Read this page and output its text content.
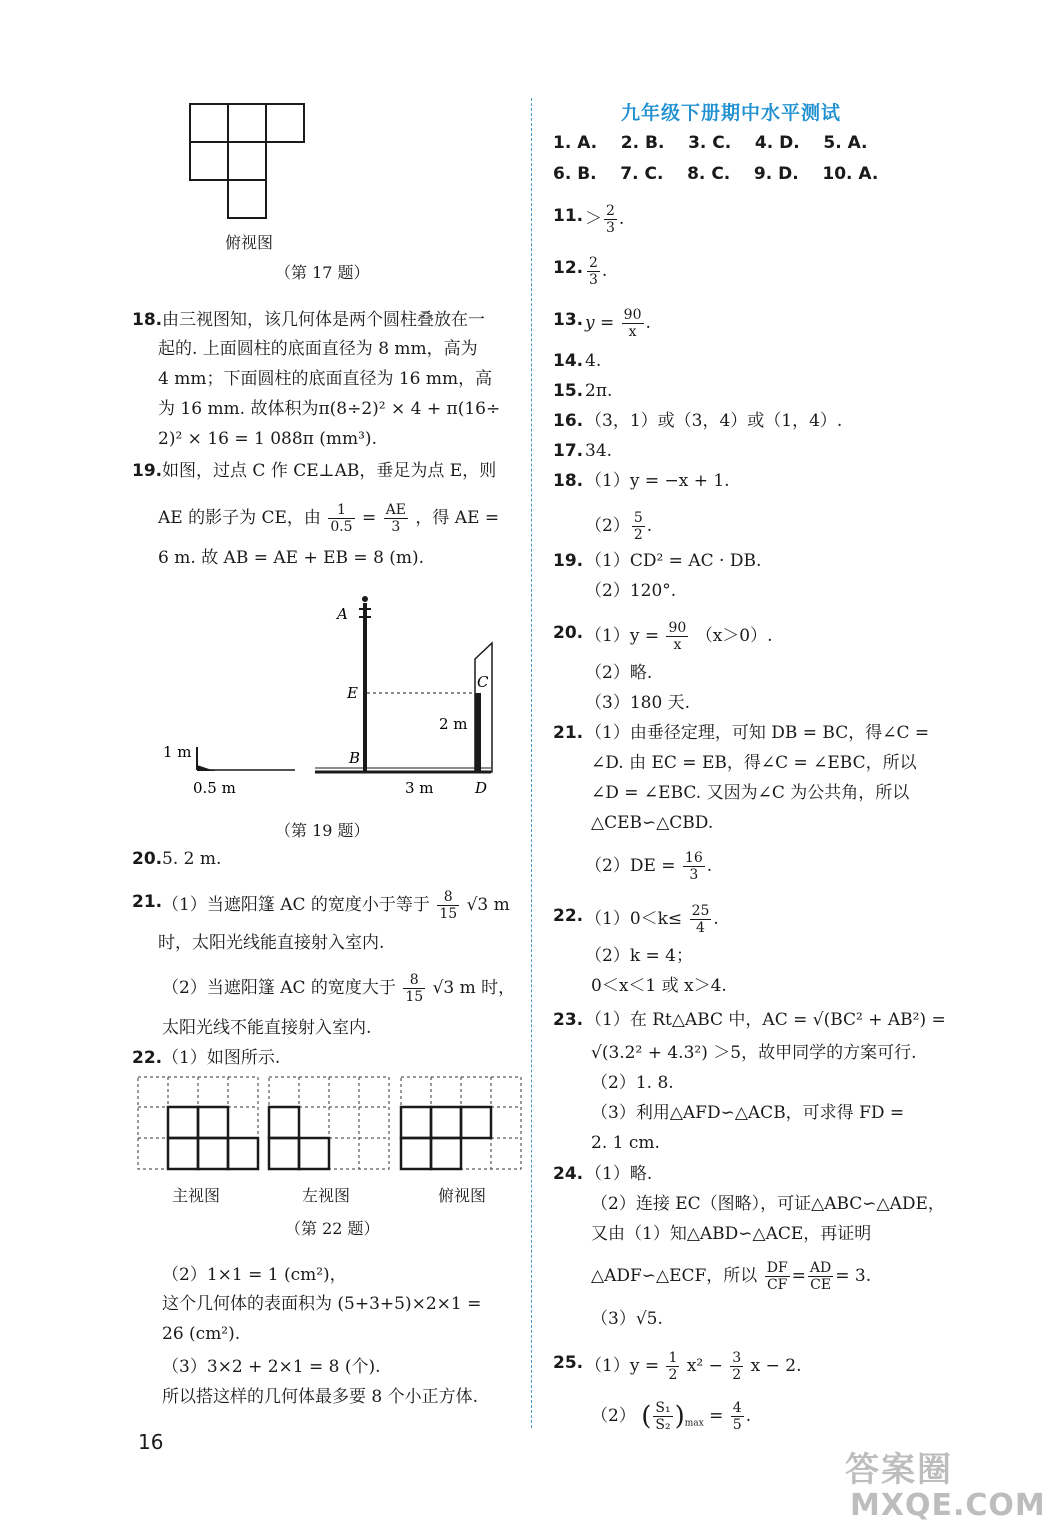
俯视图
（第 17 题）
18. 由三视图知，该几何体是两个圆柱叠放在一
起的. 上面圆柱的底面直径为 8 mm，高为
4 mm；下面圆柱的底面直径为 16 mm，高
为 16 mm. 故体积为π(8÷2)² × 4 + π(16÷
2)² × 16 = 1 088π (mm³).
19. 如图，过点 C 作 CE⊥AB，垂足为点 E，则
AE 的影子为 CE，由 $\frac{1}{0.5} = \frac{AE}{3}$ ，得 AE =
6 m. 故 AB = AE + EB = 8 (m).
1 m
0.5 m
A
E
B
C
2 m
3 m	D
（第 19 题）
20. 5. 2 m.
21. （1）当遮阳篷 AC 的宽度小于等于 $\frac{8}{15} √3$ m
时，太阳光线能直接射入室内.
（2）当遮阳篷 AC 的宽度大于 $\frac{8}{15} √3$ m 时，
太阳光线不能直接射入室内.
22. （1）如图所示.
主视图	左视图	俯视图
（第 22 题）
（2）1×1 = 1 (cm²)，
这个几何体的表面积为 (5+3+5)×2×1 =
26 (cm²).
（3）3×2 + 2×1 = 8 (个).
所以搭这样的几何体最多要 8 个小正方体.
九年级下册期中水平测试
1. A.    2. B.    3. C.    4. D.    5. A.
6. B.    7. C.    8. C.    9. D.    10. A.
11. ＞ $\frac{2}{3}$ .
12. $\frac{2}{3}$ .
13. $y = \frac{90}{x}$ .
14. 4.
15. 2π.
16. （3，1）或（3，4）或（1，4）.
17. 34.
18. （1）y = −x + 1.
$(2) \frac{5}{2}$ .
19. （1）CD² = AC · DB.
（2）120°.
20. $(1)y = \frac{90}{x} (x>0)$.
（2）略.
（3）180 天.
21. （1）由垂径定理，可知 DB = BC，得∠C =
∠D. 由 EC = EB，得∠C = ∠EBC，所以
∠D = ∠EBC. 又因为∠C 为公共角，所以
△CEB∽△CBD.
$(2)DE = \frac{16}{3}$ .
22. $(1)0<k\le \frac{25}{4}$ .
（2）k = 4；
0＜x＜1 或 x＞4.
23. （1）在 Rt△ABC 中，AC = √(BC² + AB²) =
√(3.2² + 4.3²) ＞5，故甲同学的方案可行.
（2）1. 8.
（3）利用△AFD∽△ACB，可求得 FD =
2. 1 cm.
24. （1）略.
（2）连接 EC（图略），可证△ABC∽△ADE，
又由（1）知△ABD∽△ACE，再证明
△ADF∽△ECF，所以 $\frac{DF}{CF} = \frac{AD}{CE} = 3$.
（3）√5.
25. $(1)y = \frac{1}{2} x^2 - \frac{3}{2}$ x − 2.
（2） ( $\frac{\text{S₁}}{\text{S₂}} )_{max} = \frac{4}{5}$ .
16
答案圈
MXQE.COM
